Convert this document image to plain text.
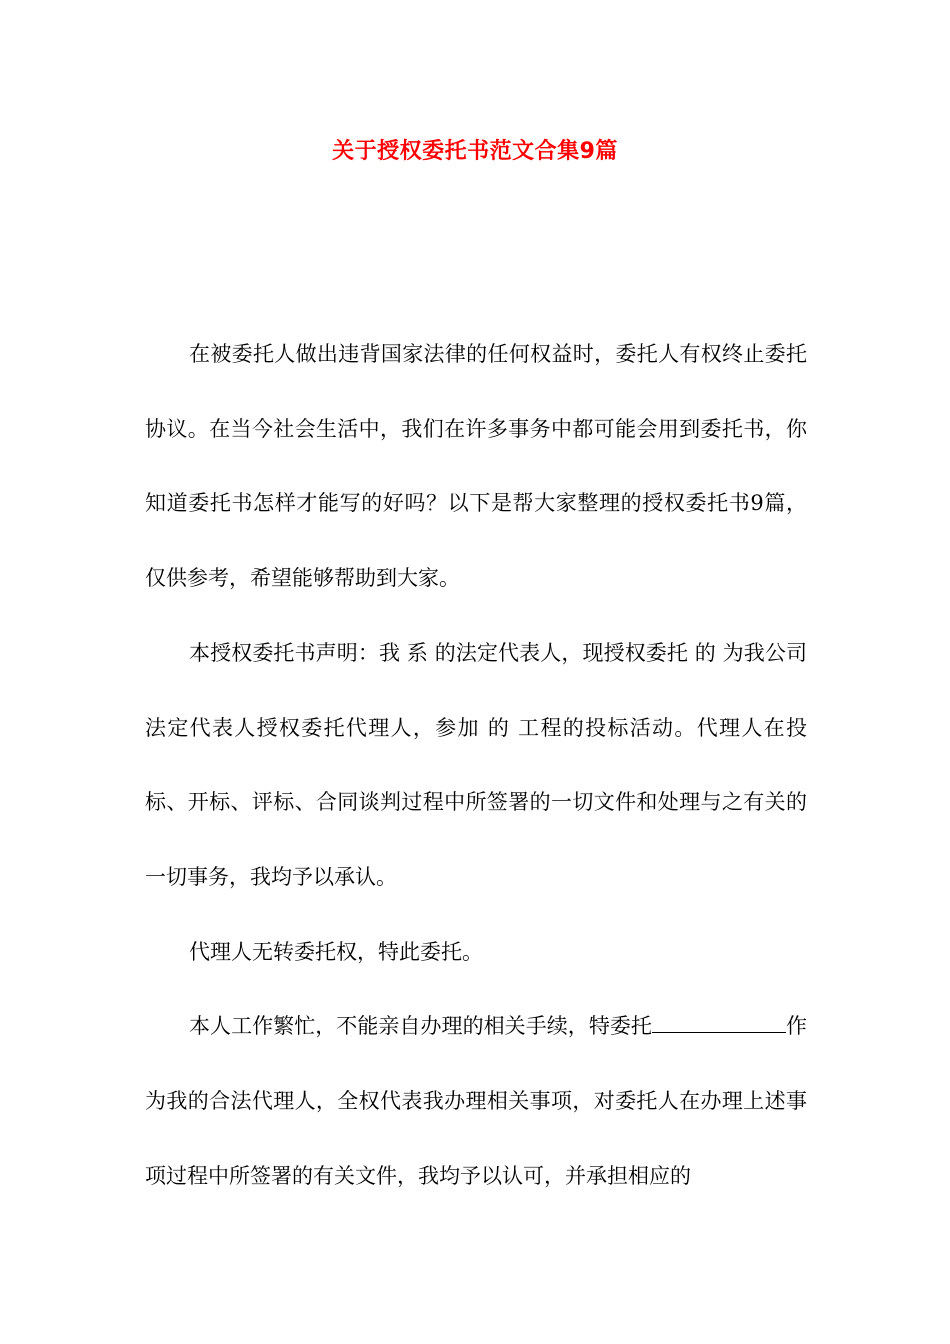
关于授权委托书范文合集9篇

在被委托人做出违背国家法律的任何权益时，委托人有权终止委托协议。在当今社会生活中，我们在许多事务中都可能会用到委托书，你知道委托书怎样才能写的好吗？以下是帮大家整理的授权委托书9篇，仅供参考，希望能够帮助到大家。

本授权委托书声明：我 系 的法定代表人，现授权委托 的 为我公司法定代表人授权委托代理人，参加 的 工程的投标活动。代理人在投标、开标、评标、合同谈判过程中所签署的一切文件和处理与之有关的一切事务，我均予以承认。

代理人无转委托权，特此委托。

本人工作繁忙，不能亲自办理的相关手续，特委托	作为我的合法代理人，全权代表我办理相关事项，对委托人在办理上述事项过程中所签署的有关文件，我均予以认可，并承担相应的
